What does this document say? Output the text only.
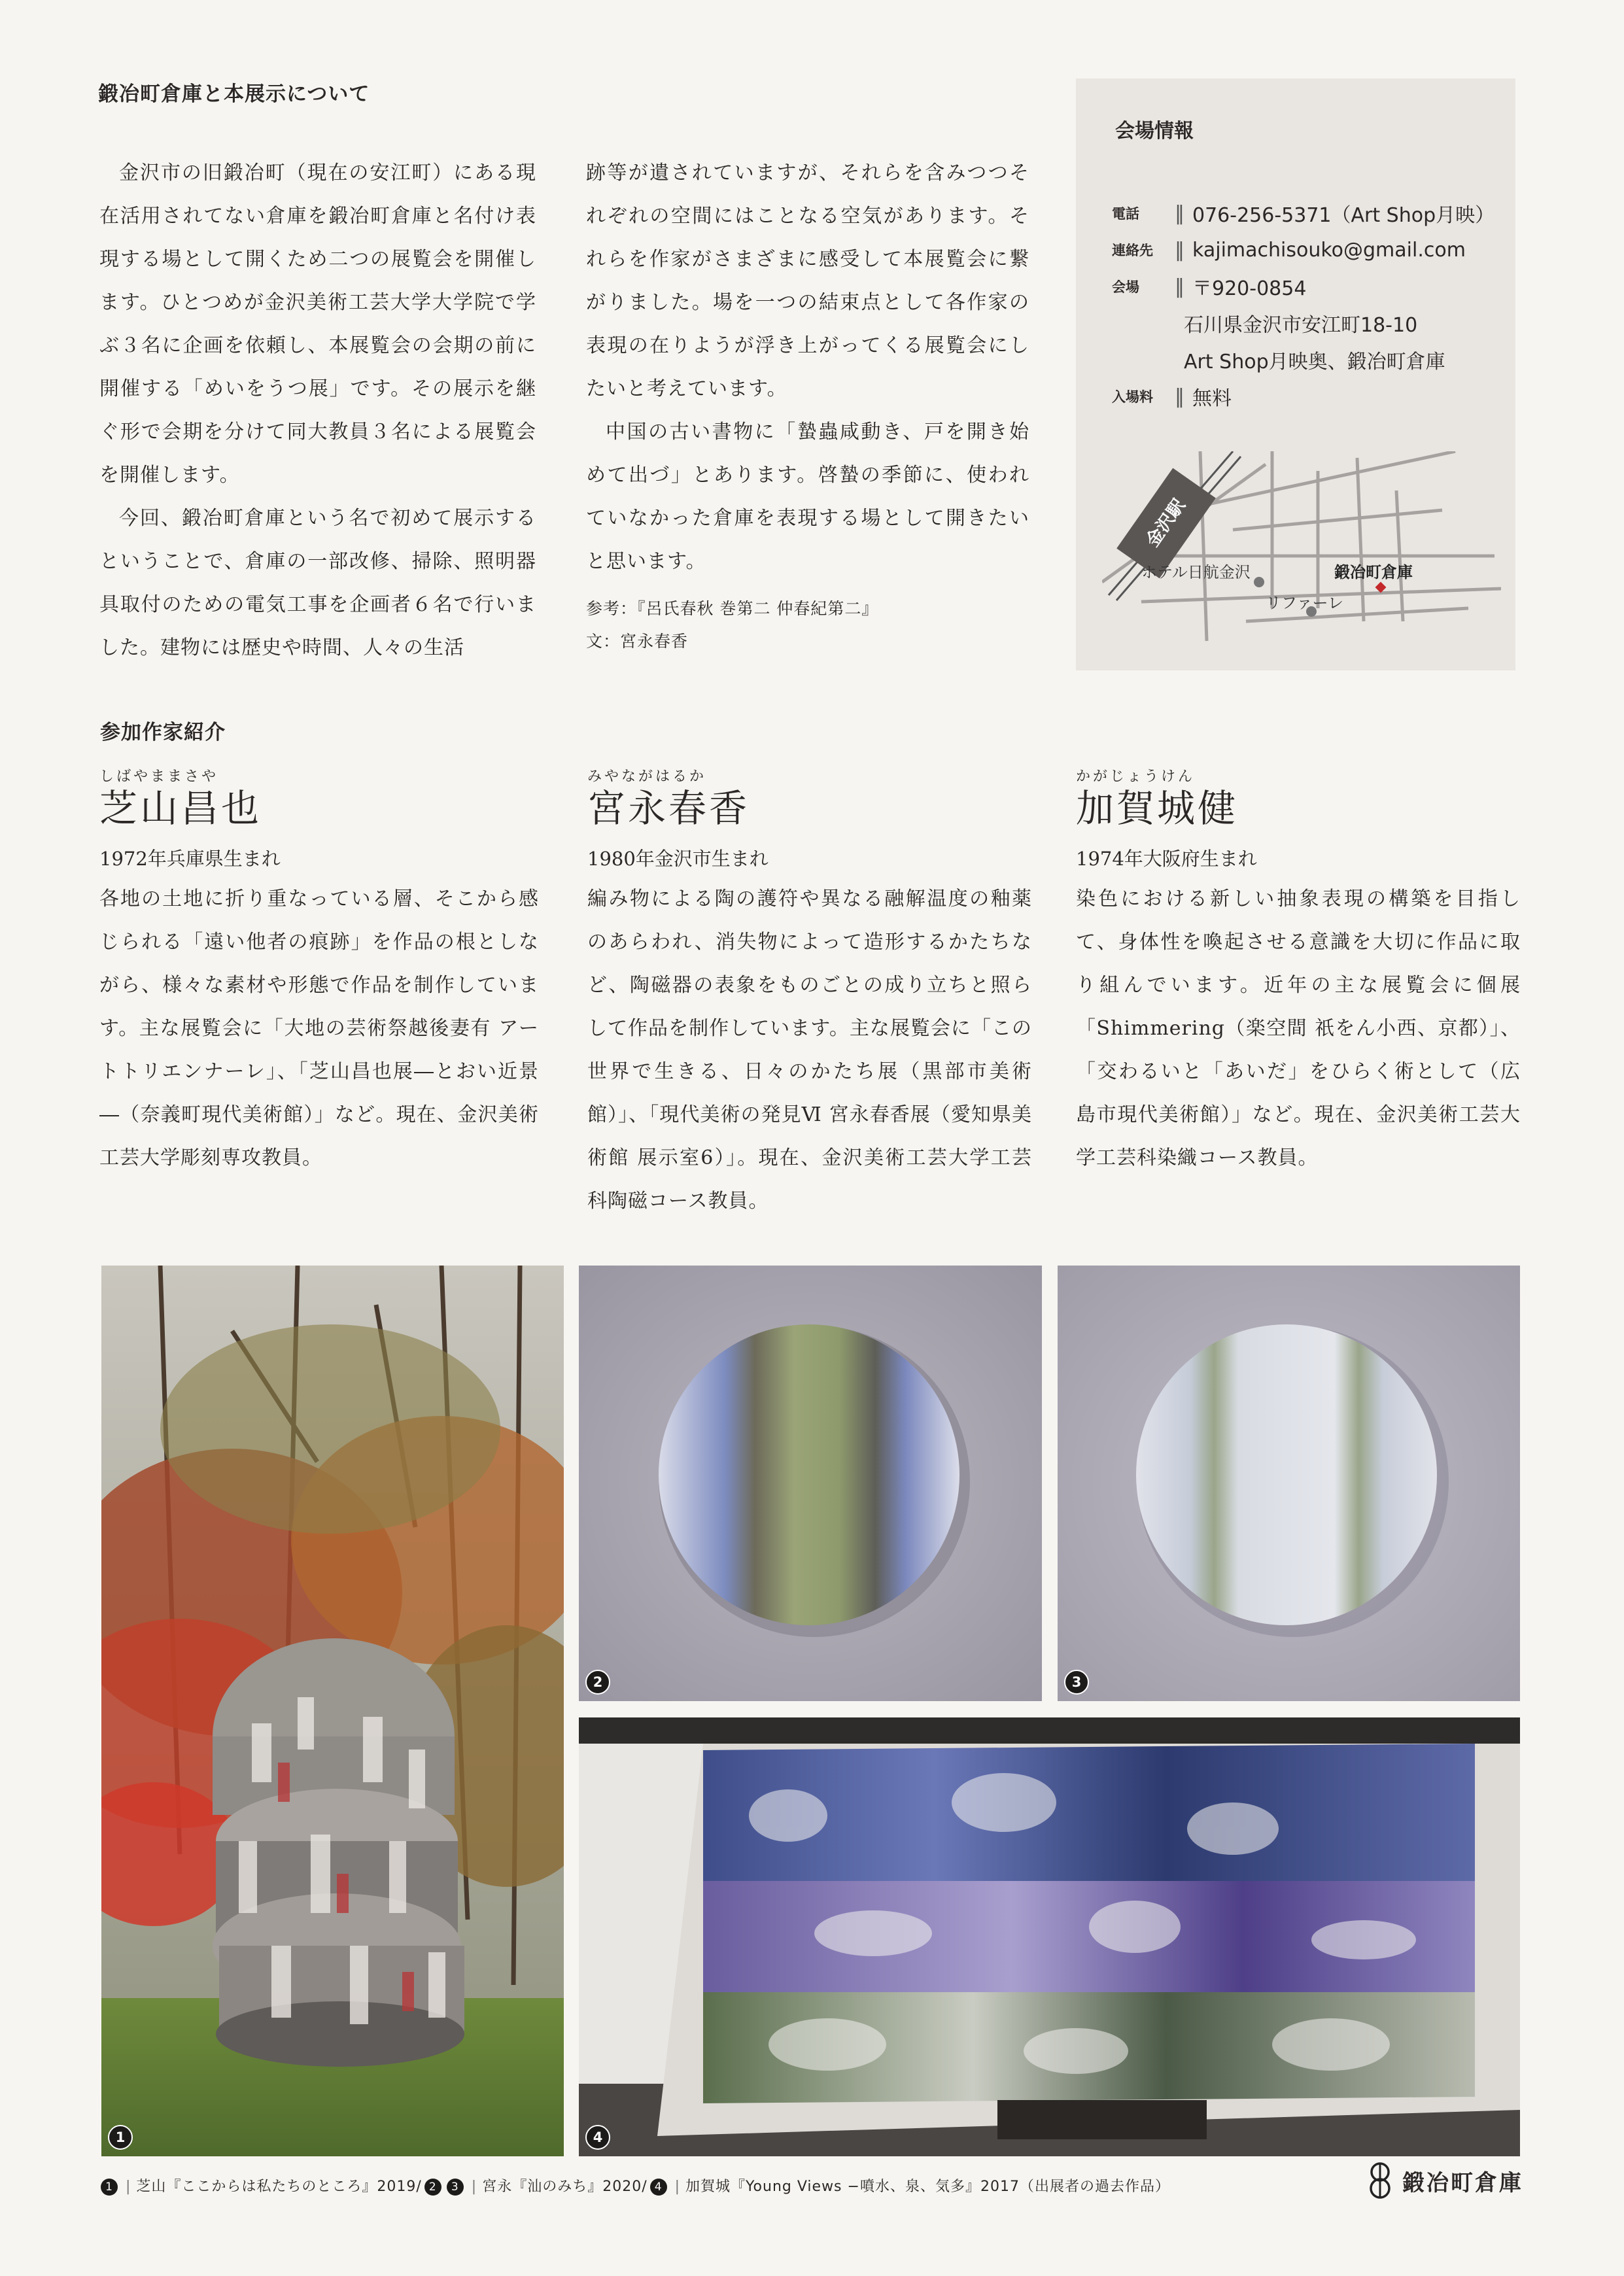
鍛冶町倉庫と本展示について

金沢市の旧鍛冶町（現在の安江町）にある現在活用されてない倉庫を鍛冶町倉庫と名付け表現する場として開くため二つの展覧会を開催します。ひとつめが金沢美術工芸大学大学院で学ぶ３名に企画を依頼し、本展覧会の会期の前に開催する「めいをうつ展」です。その展示を継ぐ形で会期を分けて同大教員３名による展覧会を開催します。

今回、鍛冶町倉庫という名で初めて展示するということで、倉庫の一部改修、掃除、照明器具取付のための電気工事を企画者６名で行いました。建物には歴史や時間、人々の生活

跡等が遺されていますが、それらを含みつつそれぞれの空間にはことなる空気があります。それらを作家がさまざまに感受して本展覧会に繋がりました。場を一つの結束点として各作家の表現の在りようが浮き上がってくる展覧会にしたいと考えています。

中国の古い書物に「蟄蟲咸動き、戸を開き始めて出づ」とあります。啓蟄の季節に、使われていなかった倉庫を表現する場として開きたいと思います。

参考：『呂氏春秋 巻第二 仲春紀第二』
文：宮永春香
会場情報
電話	‖ 076-256-5371（Art Shop月映）
連絡先	‖ kajimachisouko@gmail.com
会場	‖ 〒920-0854
石川県金沢市安江町18-10
Art Shop月映奥、鍛冶町倉庫
入場料	‖ 無料
金沢駅
ホテル日航金沢	鍛冶町倉庫
リファーレ
参加作家紹介
しばやままさや
芝山昌也
1972年兵庫県生まれ
各地の土地に折り重なっている層、そこから感じられる「遠い他者の痕跡」を作品の根としながら、様々な素材や形態で作品を制作しています。主な展覧会に「大地の芸術祭越後妻有 アートトリエンナーレ」、「芝山昌也展―とおい近景―（奈義町現代美術館）」など。現在、金沢美術工芸大学彫刻専攻教員。
みやながはるか
宮永春香
1980年金沢市生まれ
編み物による陶の護符や異なる融解温度の釉薬のあらわれ、消失物によって造形するかたちなど、陶磁器の表象をものごとの成り立ちと照らして作品を制作しています。主な展覧会に「この世界で生きる、日々のかたち展（黒部市美術館）」、「現代美術の発見Ⅵ 宮永春香展（愛知県美術館 展示室6）」。現在、金沢美術工芸大学工芸科陶磁コース教員。
かがじょうけん
加賀城健
1974年大阪府生まれ
染色における新しい抽象表現の構築を目指して、身体性を喚起させる意識を大切に作品に取り組んでいます。近年の主な展覧会に個展「Shimmering（楽空間 祇をん小西、京都）」、「交わるいと「あいだ」をひらく術として（広島市現代美術館）」など。現在、金沢美術工芸大学工芸科染織コース教員。
1
2	3
4
1 | 芝山『ここからは私たちのところ』2019/ 2 3 | 宮永『汕のみち』2020/ 4 | 加賀城『Young Views −噴水、泉、気多』2017（出展者の過去作品）	鍛冶町倉庫
